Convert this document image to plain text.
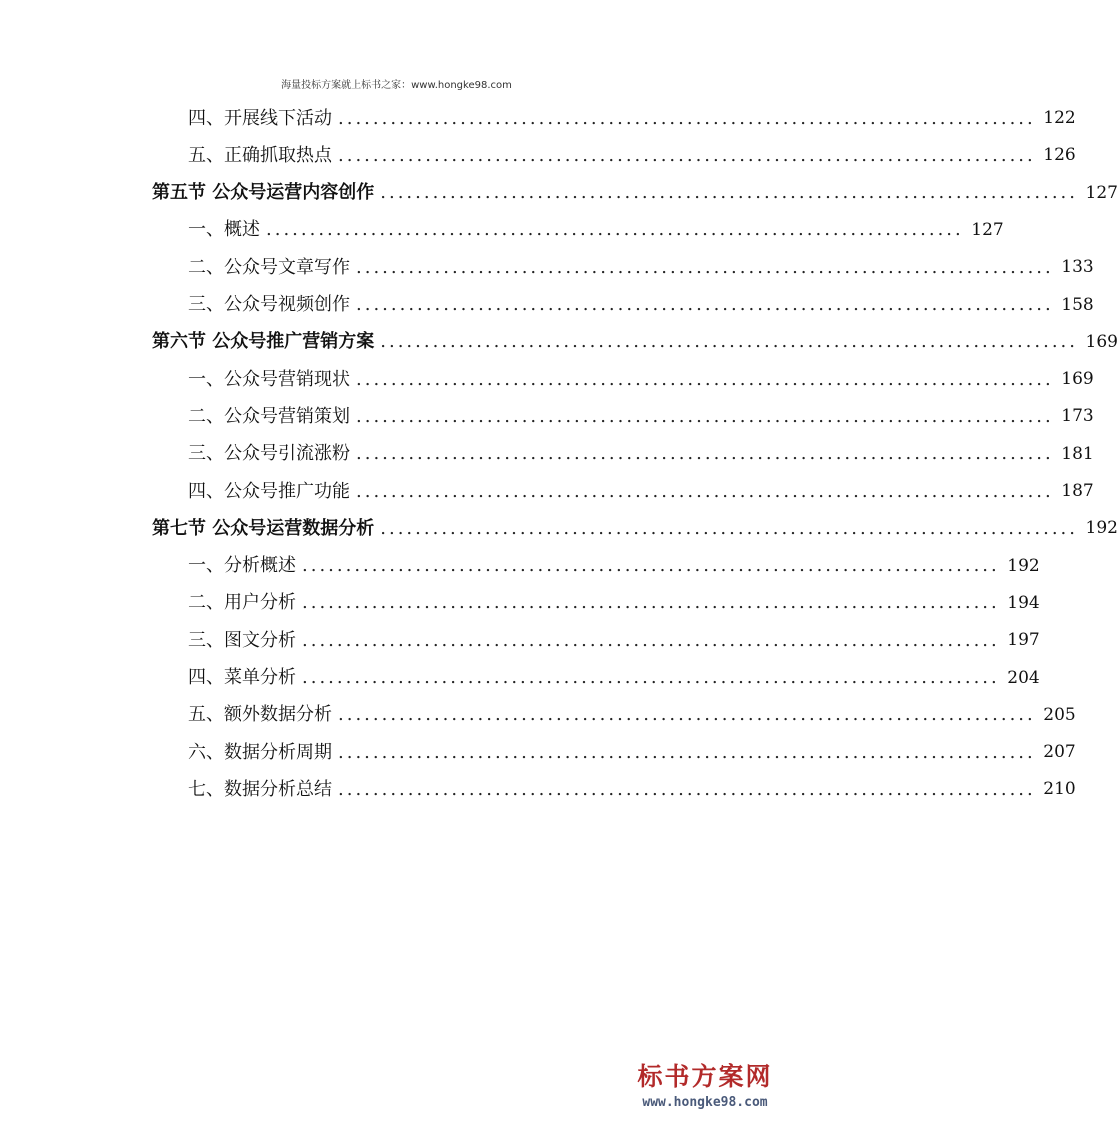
海量投标方案就上标书之家：www.hongke98.com
四、开展线下活动 ................................................................................ 122
五、正确抓取热点 ................................................................................ 126
第五节 公众号运营内容创作 ................................................................................ 127
一、概述 ................................................................................ 127
二、公众号文章写作 ................................................................................ 133
三、公众号视频创作 ................................................................................ 158
第六节 公众号推广营销方案 ................................................................................ 169
一、公众号营销现状 ................................................................................ 169
二、公众号营销策划 ................................................................................ 173
三、公众号引流涨粉 ................................................................................ 181
四、公众号推广功能 ................................................................................ 187
第七节 公众号运营数据分析 ................................................................................ 192
一、分析概述 ................................................................................ 192
二、用户分析 ................................................................................ 194
三、图文分析 ................................................................................ 197
四、菜单分析 ................................................................................ 204
五、额外数据分析 ................................................................................ 205
六、数据分析周期 ................................................................................ 207
七、数据分析总结 ................................................................................ 210
标书方案网
www.hongke98.com
